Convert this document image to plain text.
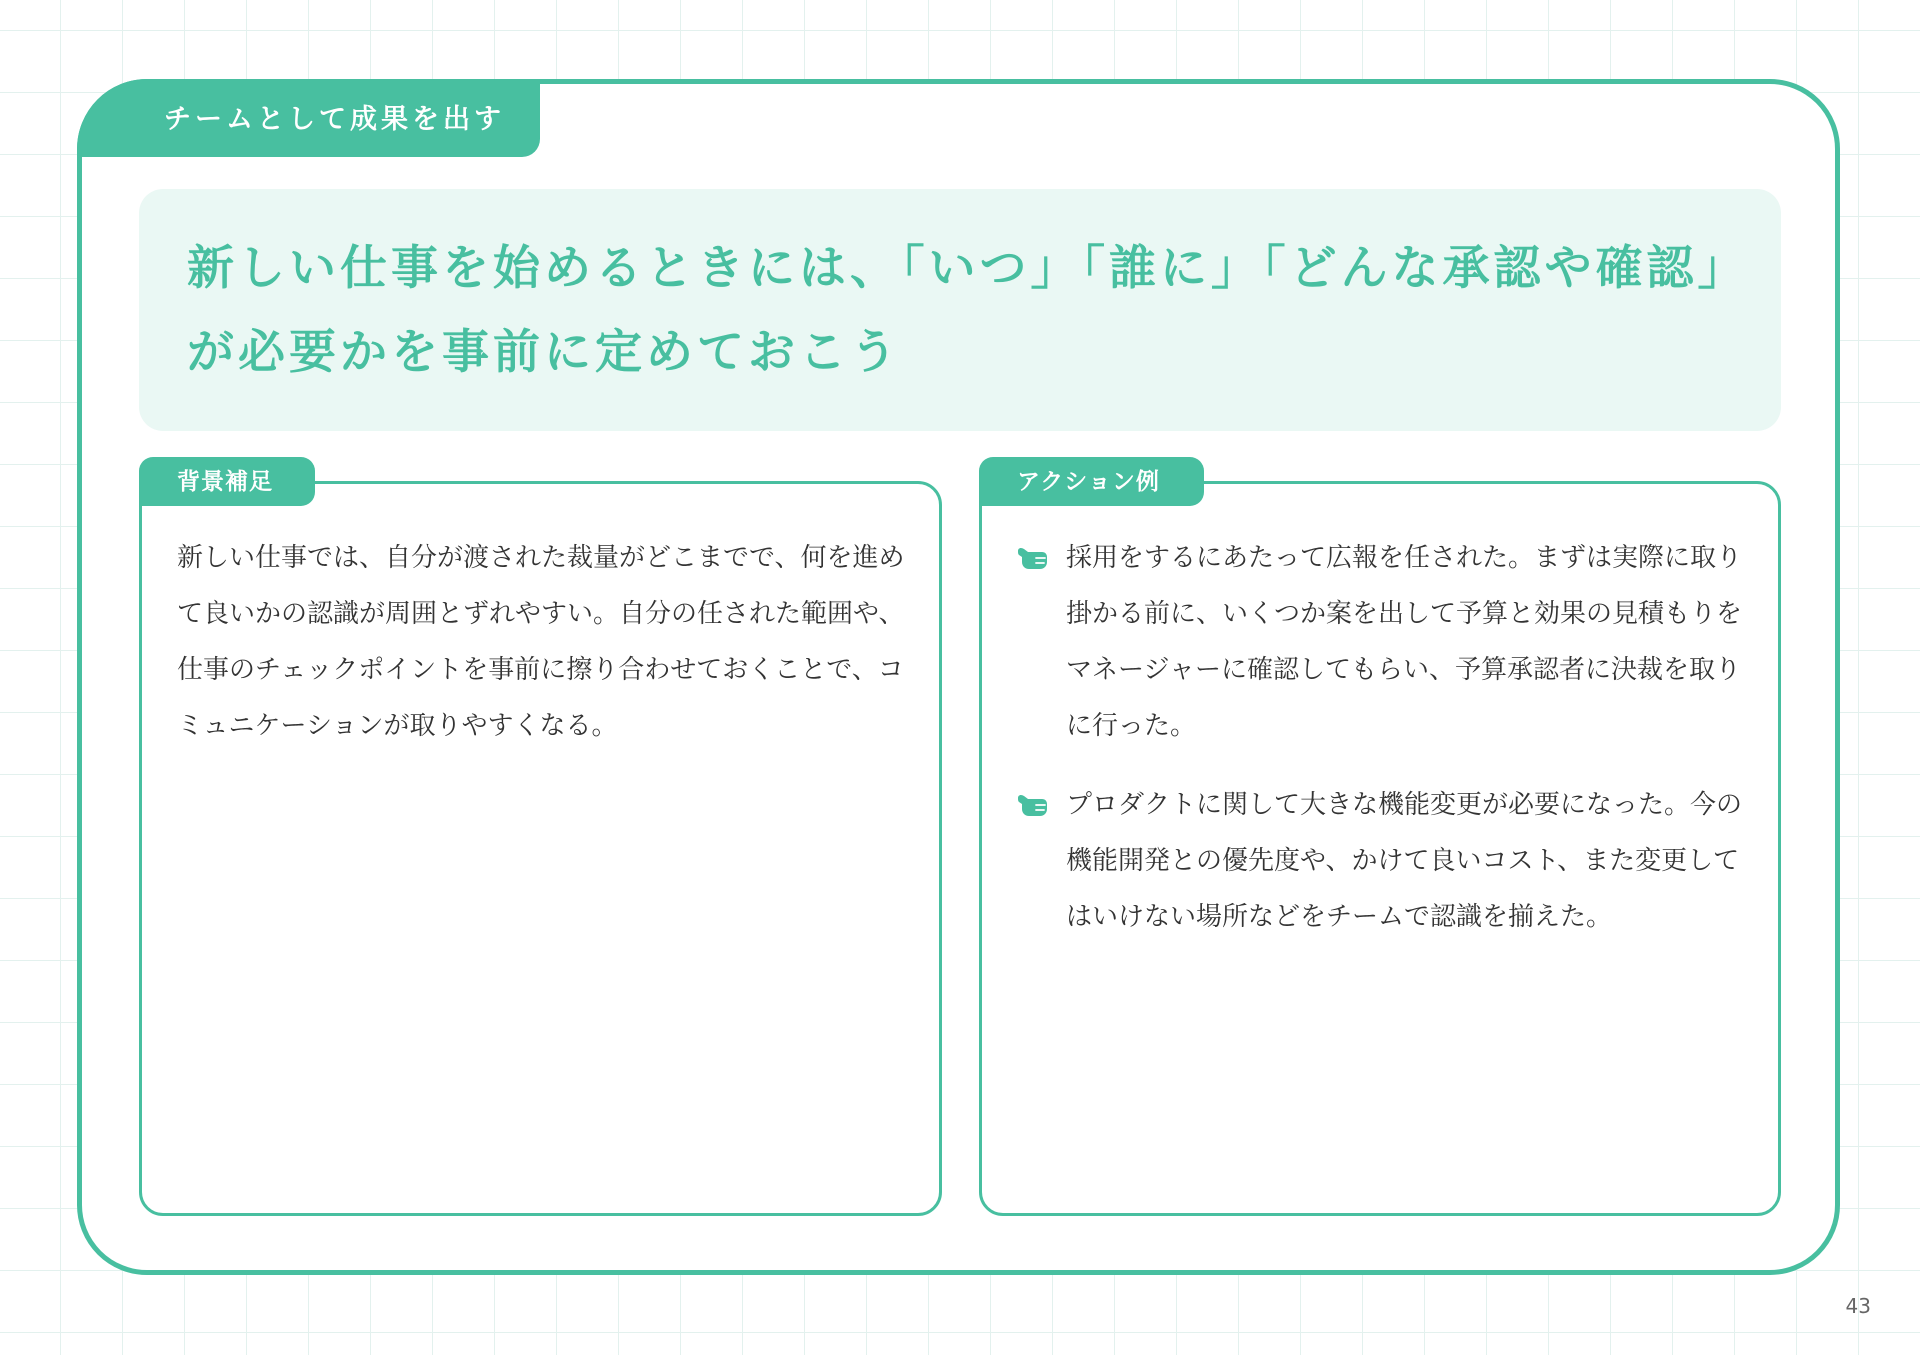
チームとして成果を出す

新しい仕事を始めるときには、「いつ」「誰に」「どんな承認や確認」が必要かを事前に定めておこう

背景補足

新しい仕事では、自分が渡された裁量がどこまでで、何を進めて良いかの認識が周囲とずれやすい。自分の任された範囲や、仕事のチェックポイントを事前に擦り合わせておくことで、コミュニケーションが取りやすくなる。

アクション例
採用をするにあたって広報を任された。まずは実際に取り掛かる前に、いくつか案を出して予算と効果の見積もりをマネージャーに確認してもらい、予算承認者に決裁を取りに行った。
プロダクトに関して大きな機能変更が必要になった。今の機能開発との優先度や、かけて良いコスト、また変更してはいけない場所などをチームで認識を揃えた。
43
